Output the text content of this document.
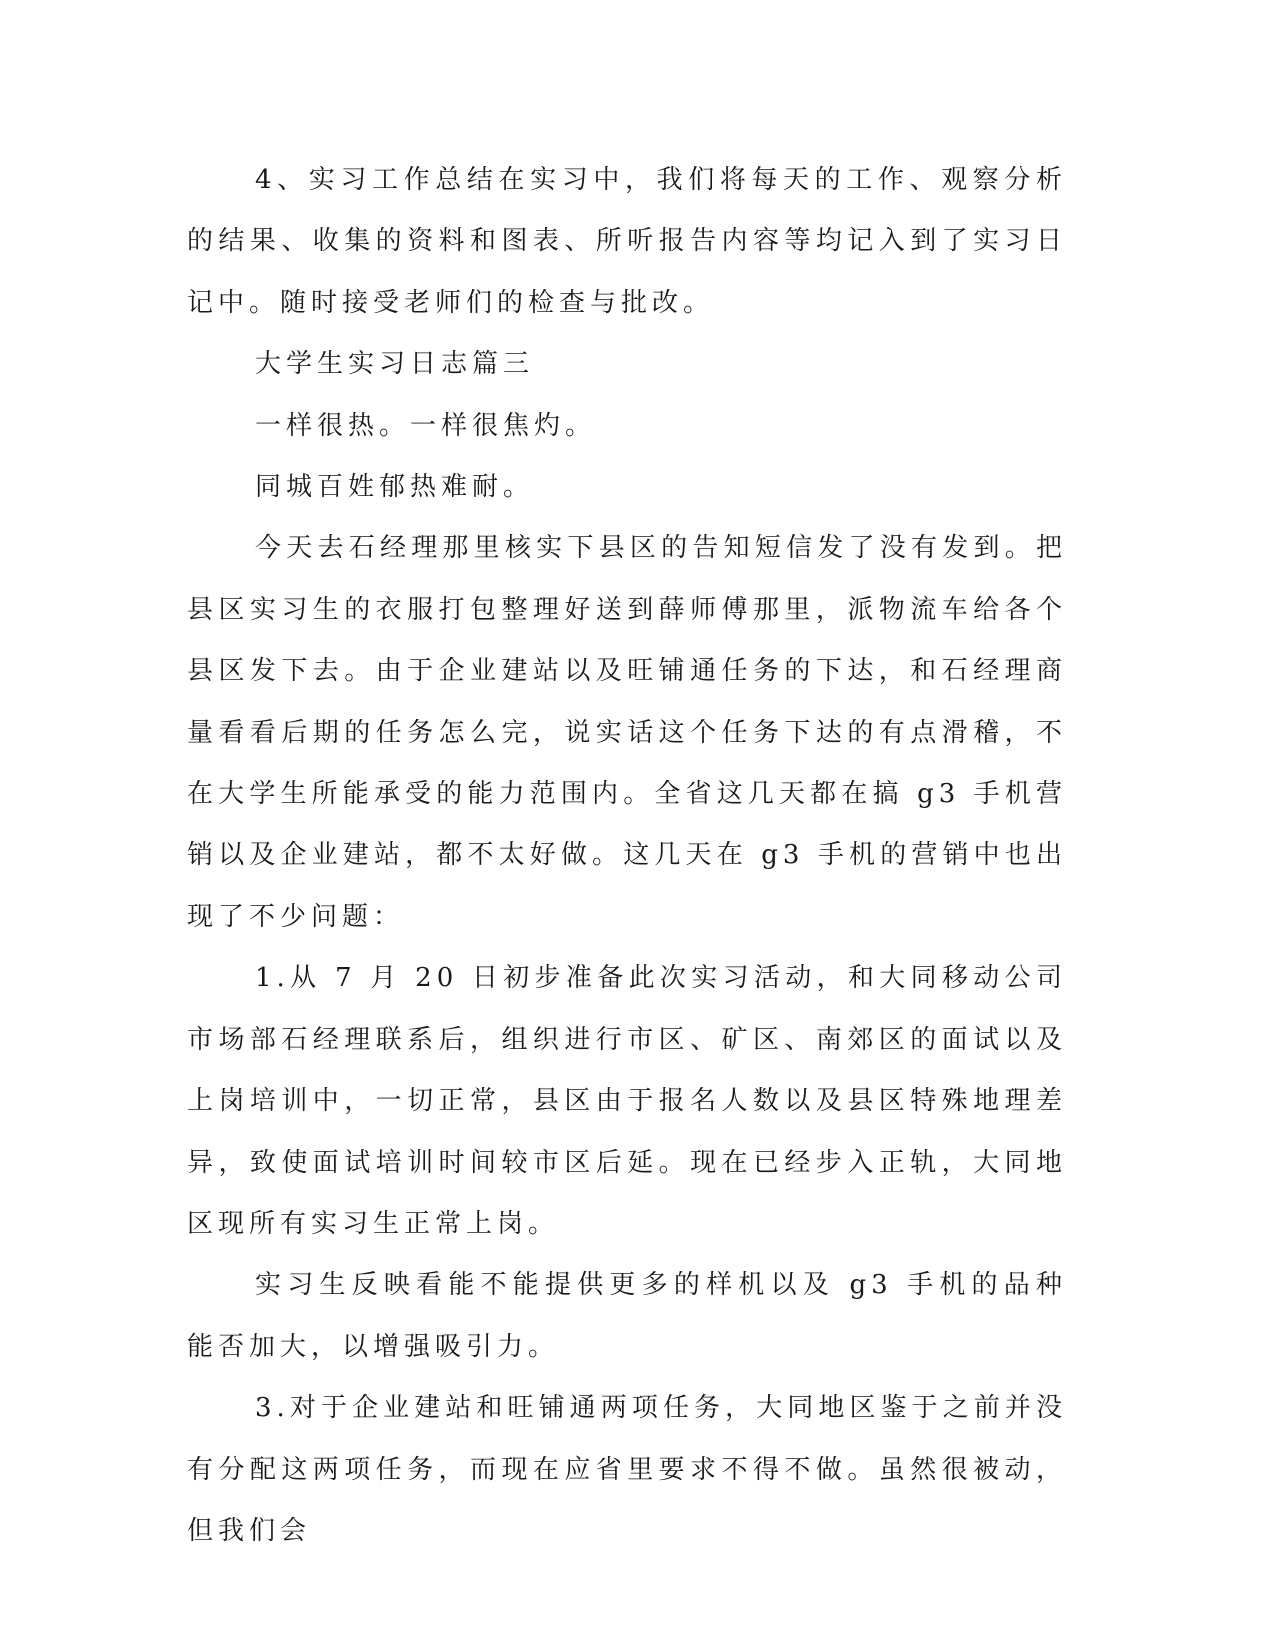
4、实习工作总结在实习中，我们将每天的工作、观察分析的结果、收集的资料和图表、所听报告内容等均记入到了实习日记中。随时接受老师们的检查与批改。

大学生实习日志篇三

一样很热。一样很焦灼。

同城百姓郁热难耐。

今天去石经理那里核实下县区的告知短信发了没有发到。把县区实习生的衣服打包整理好送到薛师傅那里，派物流车给各个县区发下去。由于企业建站以及旺铺通任务的下达，和石经理商量看看后期的任务怎么完，说实话这个任务下达的有点滑稽，不在大学生所能承受的能力范围内。全省这几天都在搞 g3 手机营销以及企业建站，都不太好做。这几天在 g3 手机的营销中也出现了不少问题：

1.从 7 月 20 日初步准备此次实习活动，和大同移动公司市场部石经理联系后，组织进行市区、矿区、南郊区的面试以及上岗培训中，一切正常，县区由于报名人数以及县区特殊地理差异，致使面试培训时间较市区后延。现在已经步入正轨，大同地区现所有实习生正常上岗。

实习生反映看能不能提供更多的样机以及 g3 手机的品种能否加大，以增强吸引力。

3.对于企业建站和旺铺通两项任务，大同地区鉴于之前并没有分配这两项任务，而现在应省里要求不得不做。虽然很被动，但我们会
